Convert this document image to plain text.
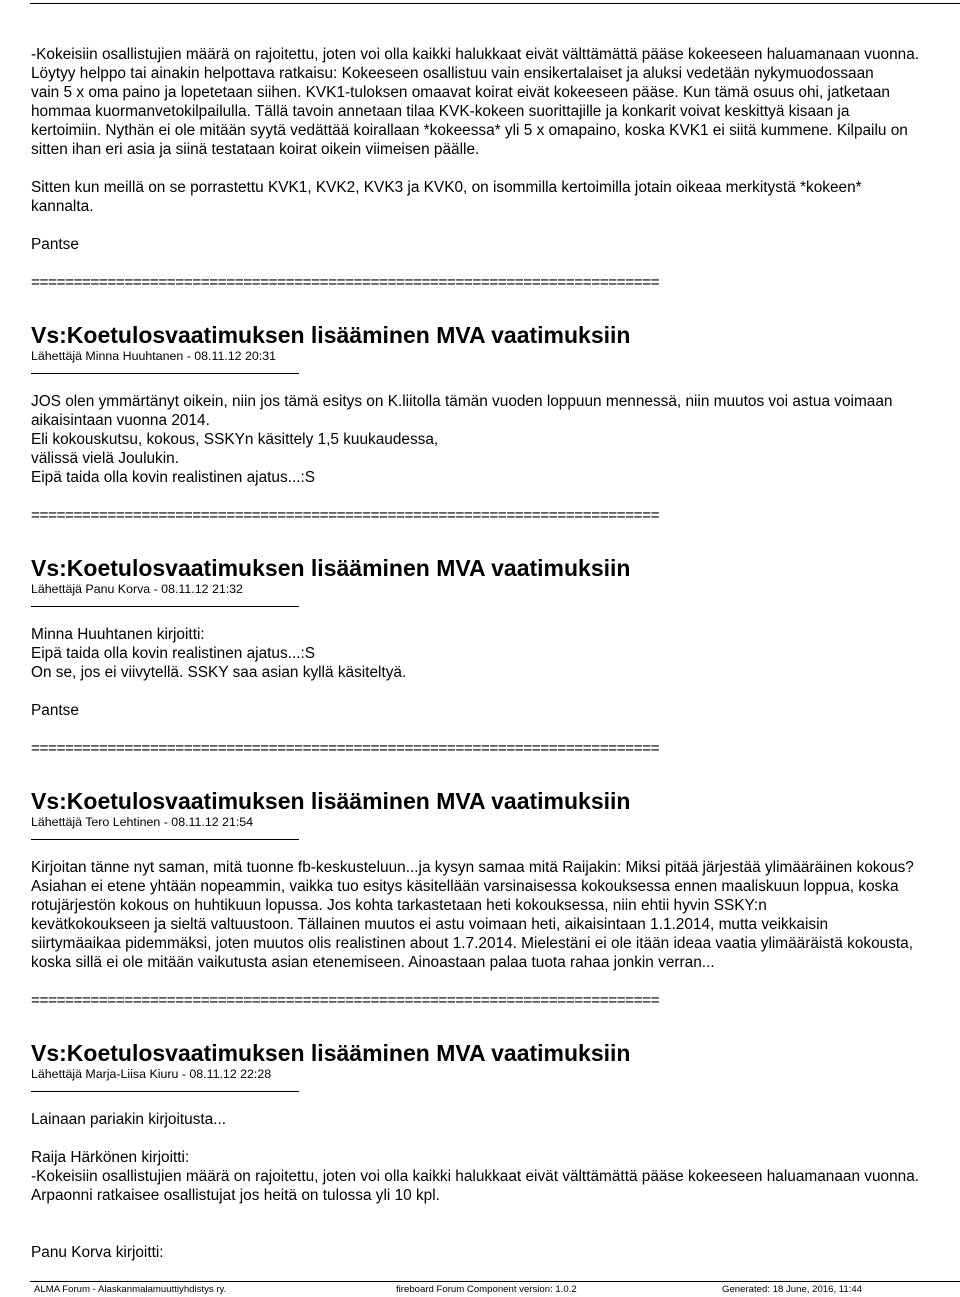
-Kokeisiin osallistujien määrä on rajoitettu, joten voi olla kaikki halukkaat eivät välttämättä pääse kokeeseen haluamanaan vuonna.

Löytyy helppo tai ainakin helpottava ratkaisu: Kokeeseen osallistuu vain ensikertalaiset ja aluksi vedetään nykymuodossaan

vain 5 x oma paino ja lopetetaan siihen. KVK1-tuloksen omaavat koirat eivät kokeeseen pääse. Kun tämä osuus ohi, jatketaan

hommaa kuormanvetokilpailulla. Tällä tavoin annetaan tilaa KVK-kokeen suorittajille ja konkarit voivat keskittyä kisaan ja

kertoimiin. Nythän ei ole mitään syytä vedättää koirallaan *kokeessa* yli 5 x omapaino, koska KVK1 ei siitä kummene. Kilpailu on

sitten ihan eri asia ja siinä testataan koirat oikein viimeisen päälle.

Sitten kun meillä on se porrastettu KVK1, KVK2, KVK3 ja KVK0, on isommilla kertoimilla jotain oikeaa merkitystä *kokeen*

kannalta.

Pantse

==========================================================================
Vs:Koetulosvaatimuksen lisääminen MVA vaatimuksiin
Lähettäjä Minna Huuhtanen - 08.11.12 20:31

JOS olen ymmärtänyt oikein, niin jos tämä esitys on K.liitolla tämän vuoden loppuun mennessä, niin muutos voi astua voimaan

aikaisintaan vuonna 2014.

Eli kokouskutsu, kokous, SSKYn käsittely 1,5 kuukaudessa,

välissä vielä Joulukin.

Eipä taida olla kovin realistinen ajatus...:S

==========================================================================
Vs:Koetulosvaatimuksen lisääminen MVA vaatimuksiin
Lähettäjä Panu Korva - 08.11.12 21:32

Minna Huuhtanen kirjoitti:

Eipä taida olla kovin realistinen ajatus...:S

On se, jos ei viivytellä. SSKY saa asian kyllä käsiteltyä.

Pantse

==========================================================================
Vs:Koetulosvaatimuksen lisääminen MVA vaatimuksiin
Lähettäjä Tero Lehtinen - 08.11.12 21:54

Kirjoitan tänne nyt saman, mitä tuonne fb-keskusteluun...ja kysyn samaa mitä Raijakin: Miksi pitää järjestää ylimääräinen kokous?

Asiahan ei etene yhtään nopeammin, vaikka tuo esitys käsitellään varsinaisessa kokouksessa ennen maaliskuun loppua, koska

rotujärjestön kokous on huhtikuun lopussa. Jos kohta tarkastetaan heti kokouksessa, niin ehtii hyvin SSKY:n

kevätkokoukseen ja sieltä valtuustoon. Tällainen muutos ei astu voimaan heti, aikaisintaan 1.1.2014, mutta veikkaisin

siirtymäaikaa pidemmäksi, joten muutos olis realistinen about 1.7.2014. Mielestäni ei ole itään ideaa vaatia ylimääräistä kokousta,

koska sillä ei ole mitään vaikutusta asian etenemiseen. Ainoastaan palaa tuota rahaa jonkin verran...

==========================================================================
Vs:Koetulosvaatimuksen lisääminen MVA vaatimuksiin
Lähettäjä Marja-Liisa Kiuru - 08.11.12 22:28

Lainaan pariakin kirjoitusta...

Raija Härkönen kirjoitti:

-Kokeisiin osallistujien määrä on rajoitettu, joten voi olla kaikki halukkaat eivät välttämättä pääse kokeeseen haluamanaan vuonna.

Arpaonni ratkaisee osallistujat jos heitä on tulossa yli 10 kpl.

Panu Korva kirjoitti:

ALMA Forum - Alaskanmalamuuttiyhdistys ry.	fireboard Forum Component version: 1.0.2	Generated: 18 June, 2016, 11:44
